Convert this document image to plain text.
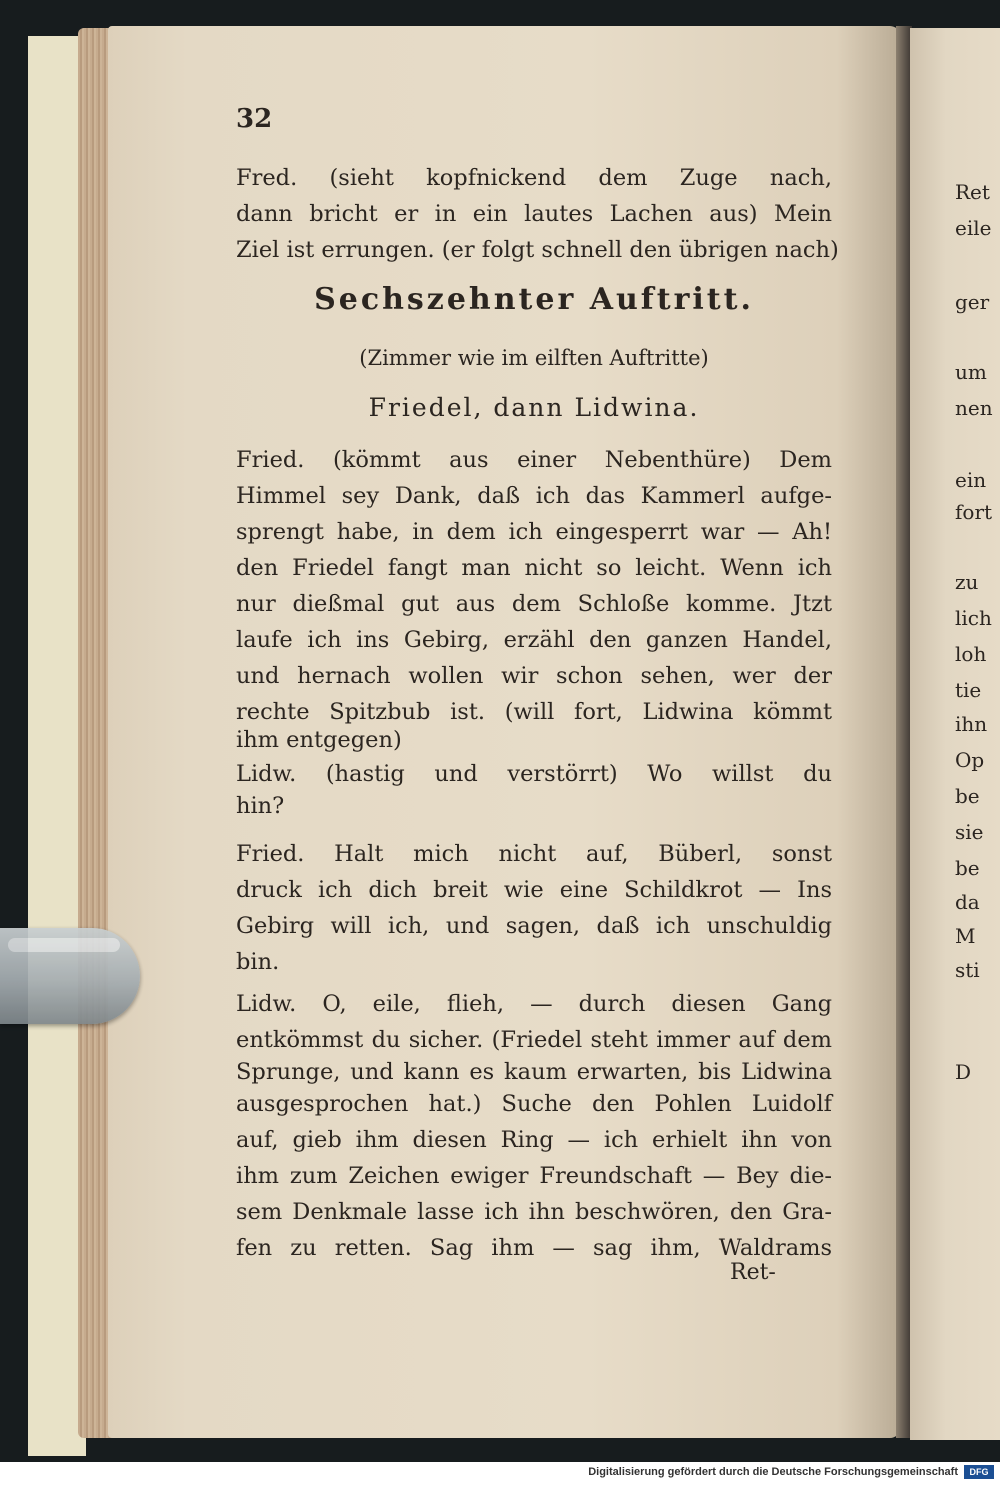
32
Fred. (sieht kopfnickend dem Zuge nach,
dann bricht er in ein lautes Lachen aus) Mein
Ziel ist errungen. (er folgt schnell den übrigen nach)
Sechszehnter Auftritt.
(Zimmer wie im eilften Auftritte)
Friedel, dann Lidwina.
Fried. (kömmt aus einer Nebenthüre) Dem
Himmel sey Dank, daß ich das Kammerl aufge-
sprengt habe, in dem ich eingesperrt war — Ah!
den Friedel fangt man nicht so leicht. Wenn ich
nur dießmal gut aus dem Schloße komme. Jtzt
laufe ich ins Gebirg, erzähl den ganzen Handel,
und hernach wollen wir schon sehen, wer der
rechte Spitzbub ist. (will fort, Lidwina kömmt
ihm entgegen)
Lidw. (hastig und verstörrt) Wo willst du
hin?
Fried. Halt mich nicht auf, Büberl, sonst
druck ich dich breit wie eine Schildkrot — Ins
Gebirg will ich, und sagen, daß ich unschuldig
bin.
Lidw. O, eile, flieh, — durch diesen Gang
entkömmst du sicher. (Friedel steht immer auf dem
Sprunge, und kann es kaum erwarten, bis Lidwina
ausgesprochen hat.) Suche den Pohlen Luidolf
auf, gieb ihm diesen Ring — ich erhielt ihn von
ihm zum Zeichen ewiger Freundschaft — Bey die-
sem Denkmale lasse ich ihn beschwören, den Gra-
fen zu retten. Sag ihm — sag ihm, Waldrams
Ret-
Ret
eile
ger
um
nen
ein
fort
zu
lich
loh
tie
ihn
Op
be
sie
be
da
M
sti
D
Digitalisierung gefördert durch die Deutsche Forschungsgemeinschaft	DFG
